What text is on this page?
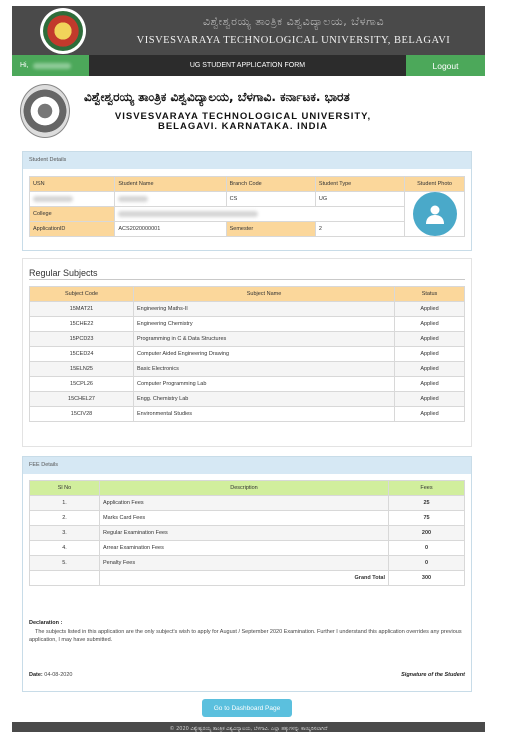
ವಿಶ್ವೇಶ್ವರಯ್ಯ ತಾಂತ್ರಿಕ ವಿಶ್ವವಿದ್ಯಾಲಯ, ಬೆಳಗಾವಿ
VISVESVARAYA TECHNOLOGICAL UNIVERSITY, BELAGAVI
Hi,	UG STUDENT APPLICATION FORM	Logout
ವಿಶ್ವೇಶ್ವರಯ್ಯ ತಾಂತ್ರಿಕ ವಿಶ್ವವಿದ್ಯಾಲಯ, ಬೆಳಗಾವಿ. ಕರ್ನಾಟಕ. ಭಾರತ
VISVESVARAYA TECHNOLOGICAL UNIVERSITY,
BELAGAVI. KARNATAKA. INDIA
Student Details
USN	Student Name	Branch Code	Student Type	Student Photo
		CS	UG	

College				
ApplicationID	ACS2020000001	Semester	2	
Regular Subjects
Subject Code	Subject Name	Status
15MAT21	Engineering Maths-II	Applied
15CHE22	Engineering Chemistry	Applied
15PCD23	Programming in C & Data Structures	Applied
15CED24	Computer Aided Engineering Drawing	Applied
15ELN25	Basic Electronics	Applied
15CPL26	Computer Programming Lab	Applied
15CHEL27	Engg. Chemistry Lab	Applied
15CIV28	Environmental Studies	Applied
FEE Details
Sl No	Description	Fees
1.	Application Fees	25
2.	Marks Card Fees	75
3.	Regular Examination Fees	200
4.	Arrear Examination Fees	0
5.	Penalty Fees	0
	Grand Total	300
Declaration :
The subjects listed in this application are the only subject's wish to apply for August / September 2020 Examination. Further I understand this application overrides any previous application, I may have submitted.
Date: 04-08-2020	Signature of the Student
Go to Dashboard Page
© 2020 ವಿಶ್ವೇಶ್ವರಯ್ಯ ತಾಂತ್ರಿಕ ವಿಶ್ವವಿದ್ಯಾಲಯ, ಬೆಳಗಾವಿ. ಎಲ್ಲಾ ಹಕ್ಕುಗಳನ್ನು ಕಾಯ್ದಿರಿಸಲಾಗಿದೆ
